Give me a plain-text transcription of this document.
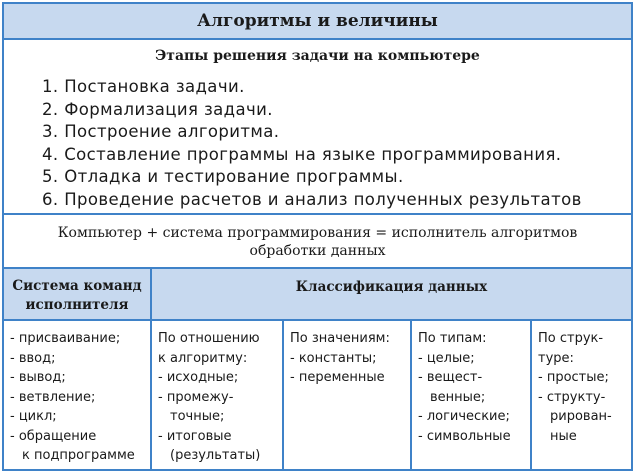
Алгоритмы и величины
Этапы решения задачи на компьютере
1. Постановка задачи.
2. Формализация задачи.
3. Построение алгоритма.
4. Составление программы на языке программирования.
5. Отладка и тестирование программы.
6. Проведение расчетов и анализ полученных результатов
Компьютер + система программирования = исполнитель алгоритмов
обработки данных
Система команд
исполнителя
Классификация данных
- присваивание;
- ввод;
- вывод;
- ветвление;
- цикл;
- обращение
к подпрограмме
По отношению
к алгоритму:
- исходные;
- промежу-
точные;
- итоговые
(результаты)
По значениям:
- константы;
- переменные
По типам:
- целые;
- вещест-
венные;
- логические;
- символьные
По струк-
туре:
- простые;
- структу-
рирован-
ные
